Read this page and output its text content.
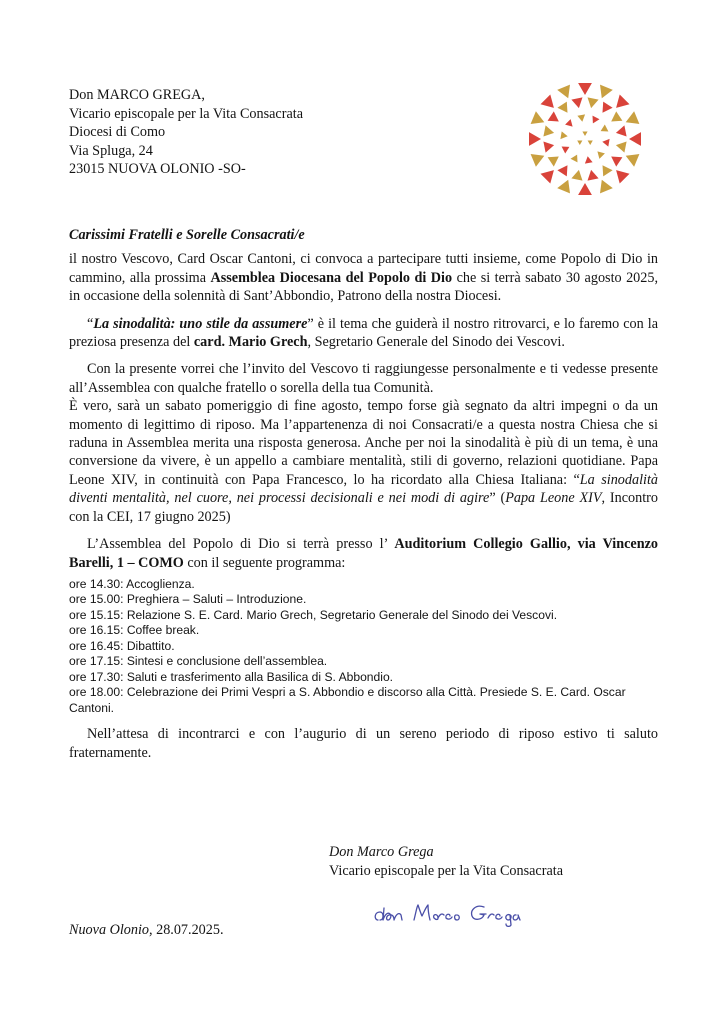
Don MARCO GREGA,
Vicario episcopale per la Vita Consacrata
Diocesi di Como
Via Spluga, 24
23015 NUOVA OLONIO -SO-

Carissimi Fratelli e Sorelle Consacrati/e

il nostro Vescovo, Card Oscar Cantoni, ci convoca a partecipare tutti insieme, come Popolo di Dio in cammino, alla prossima Assemblea Diocesana del Popolo di Dio che si terrà sabato 30 agosto 2025, in occasione della solennità di Sant’Abbondio, Patrono della nostra Diocesi.

“La sinodalità: uno stile da assumere” è il tema che guiderà il nostro ritrovarci, e lo faremo con la preziosa presenza del card. Mario Grech, Segretario Generale del Sinodo dei Vescovi.

Con la presente vorrei che l’invito del Vescovo ti raggiungesse personalmente e ti vedesse presente all’Assemblea con qualche fratello o sorella della tua Comunità.
È vero, sarà un sabato pomeriggio di fine agosto, tempo forse già segnato da altri impegni o da un momento di legittimo di riposo. Ma l’appartenenza di noi Consacrati/e a questa nostra Chiesa che si raduna in Assemblea merita una risposta generosa. Anche per noi la sinodalità è più di un tema, è una conversione da vivere, è un appello a cambiare mentalità, stili di governo, relazioni quotidiane. Papa Leone XIV, in continuità con Papa Francesco, lo ha ricordato alla Chiesa Italiana: “La sinodalità diventi mentalità, nel cuore, nei processi decisionali e nei modi di agire” (Papa Leone XIV, Incontro con la CEI, 17 giugno 2025)

L’Assemblea del Popolo di Dio si terrà presso l’ Auditorium Collegio Gallio, via Vincenzo Barelli, 1 – COMO con il seguente programma:

ore 14.30: Accoglienza.
ore 15.00: Preghiera – Saluti – Introduzione.
ore 15.15: Relazione S. E. Card. Mario Grech, Segretario Generale del Sinodo dei Vescovi.
ore 16.15: Coffee break.
ore 16.45: Dibattito.
ore 17.15: Sintesi e conclusione dell’assemblea.
ore 17.30: Saluti e trasferimento alla Basilica di S. Abbondio.
ore 18.00: Celebrazione dei Primi Vespri a S. Abbondio e discorso alla Città. Presiede S. E. Card. Oscar Cantoni.

Nell’attesa di incontrarci e con l’augurio di un sereno periodo di riposo estivo ti saluto fraternamente.

Don Marco Grega
Vicario episcopale per la Vita Consacrata
Nuova Olonio, 28.07.2025.
